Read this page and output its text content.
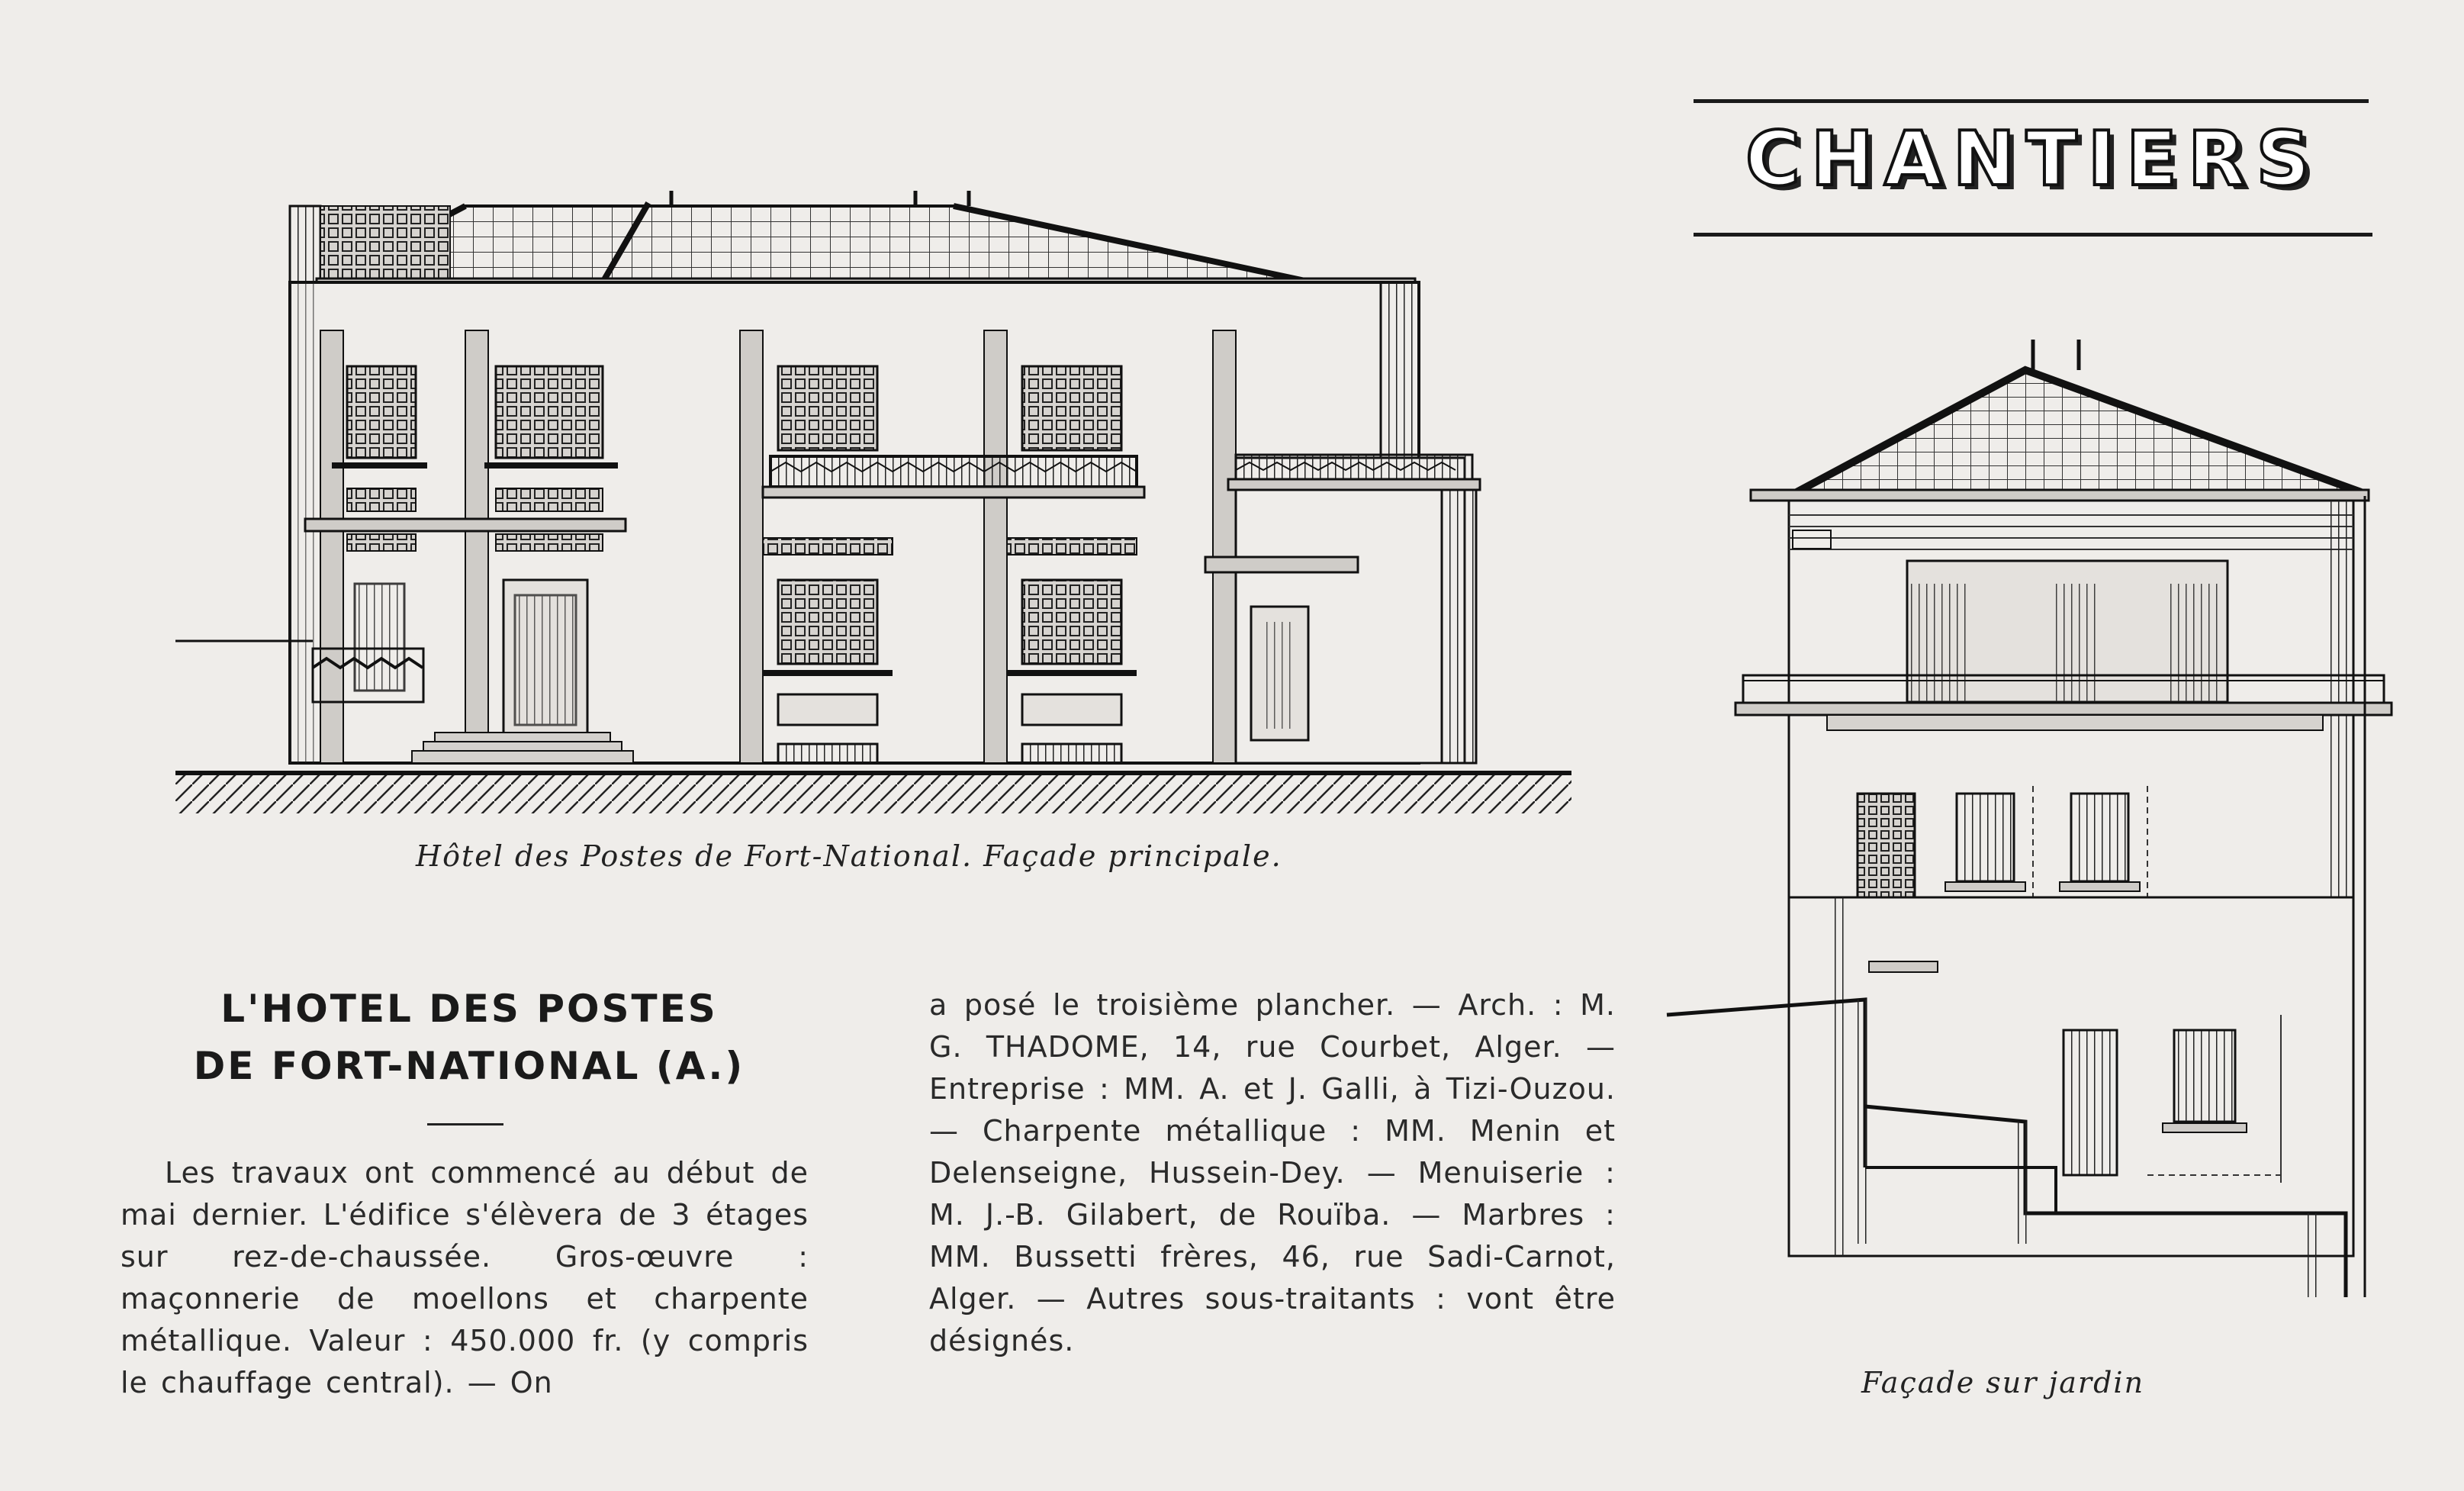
CHANTIERS
Hôtel des Postes de Fort-National. Façade principale.
Façade sur jardin
L'HOTEL DES POSTES
DE FORT-NATIONAL (A.)

Les travaux ont commencé au début de mai dernier. L'édifice s'élèvera de 3 étages sur rez-de-chaussée. Gros-œuvre : maçonnerie de moellons et charpente métallique. Valeur : 450.000 fr. (y compris le chauffage central). — On

a posé le troisième plancher. — Arch. : M. G. THADOME, 14, rue Courbet, Alger. — Entreprise : MM. A. et J. Galli, à Tizi-Ouzou. — Charpente métallique : MM. Menin et Delenseigne, Hussein-Dey. — Menuiserie : M. J.-B. Gilabert, de Rouïba. — Marbres : MM. Bussetti frères, 46, rue Sadi-Carnot, Alger. — Autres sous-traitants : vont être désignés.
